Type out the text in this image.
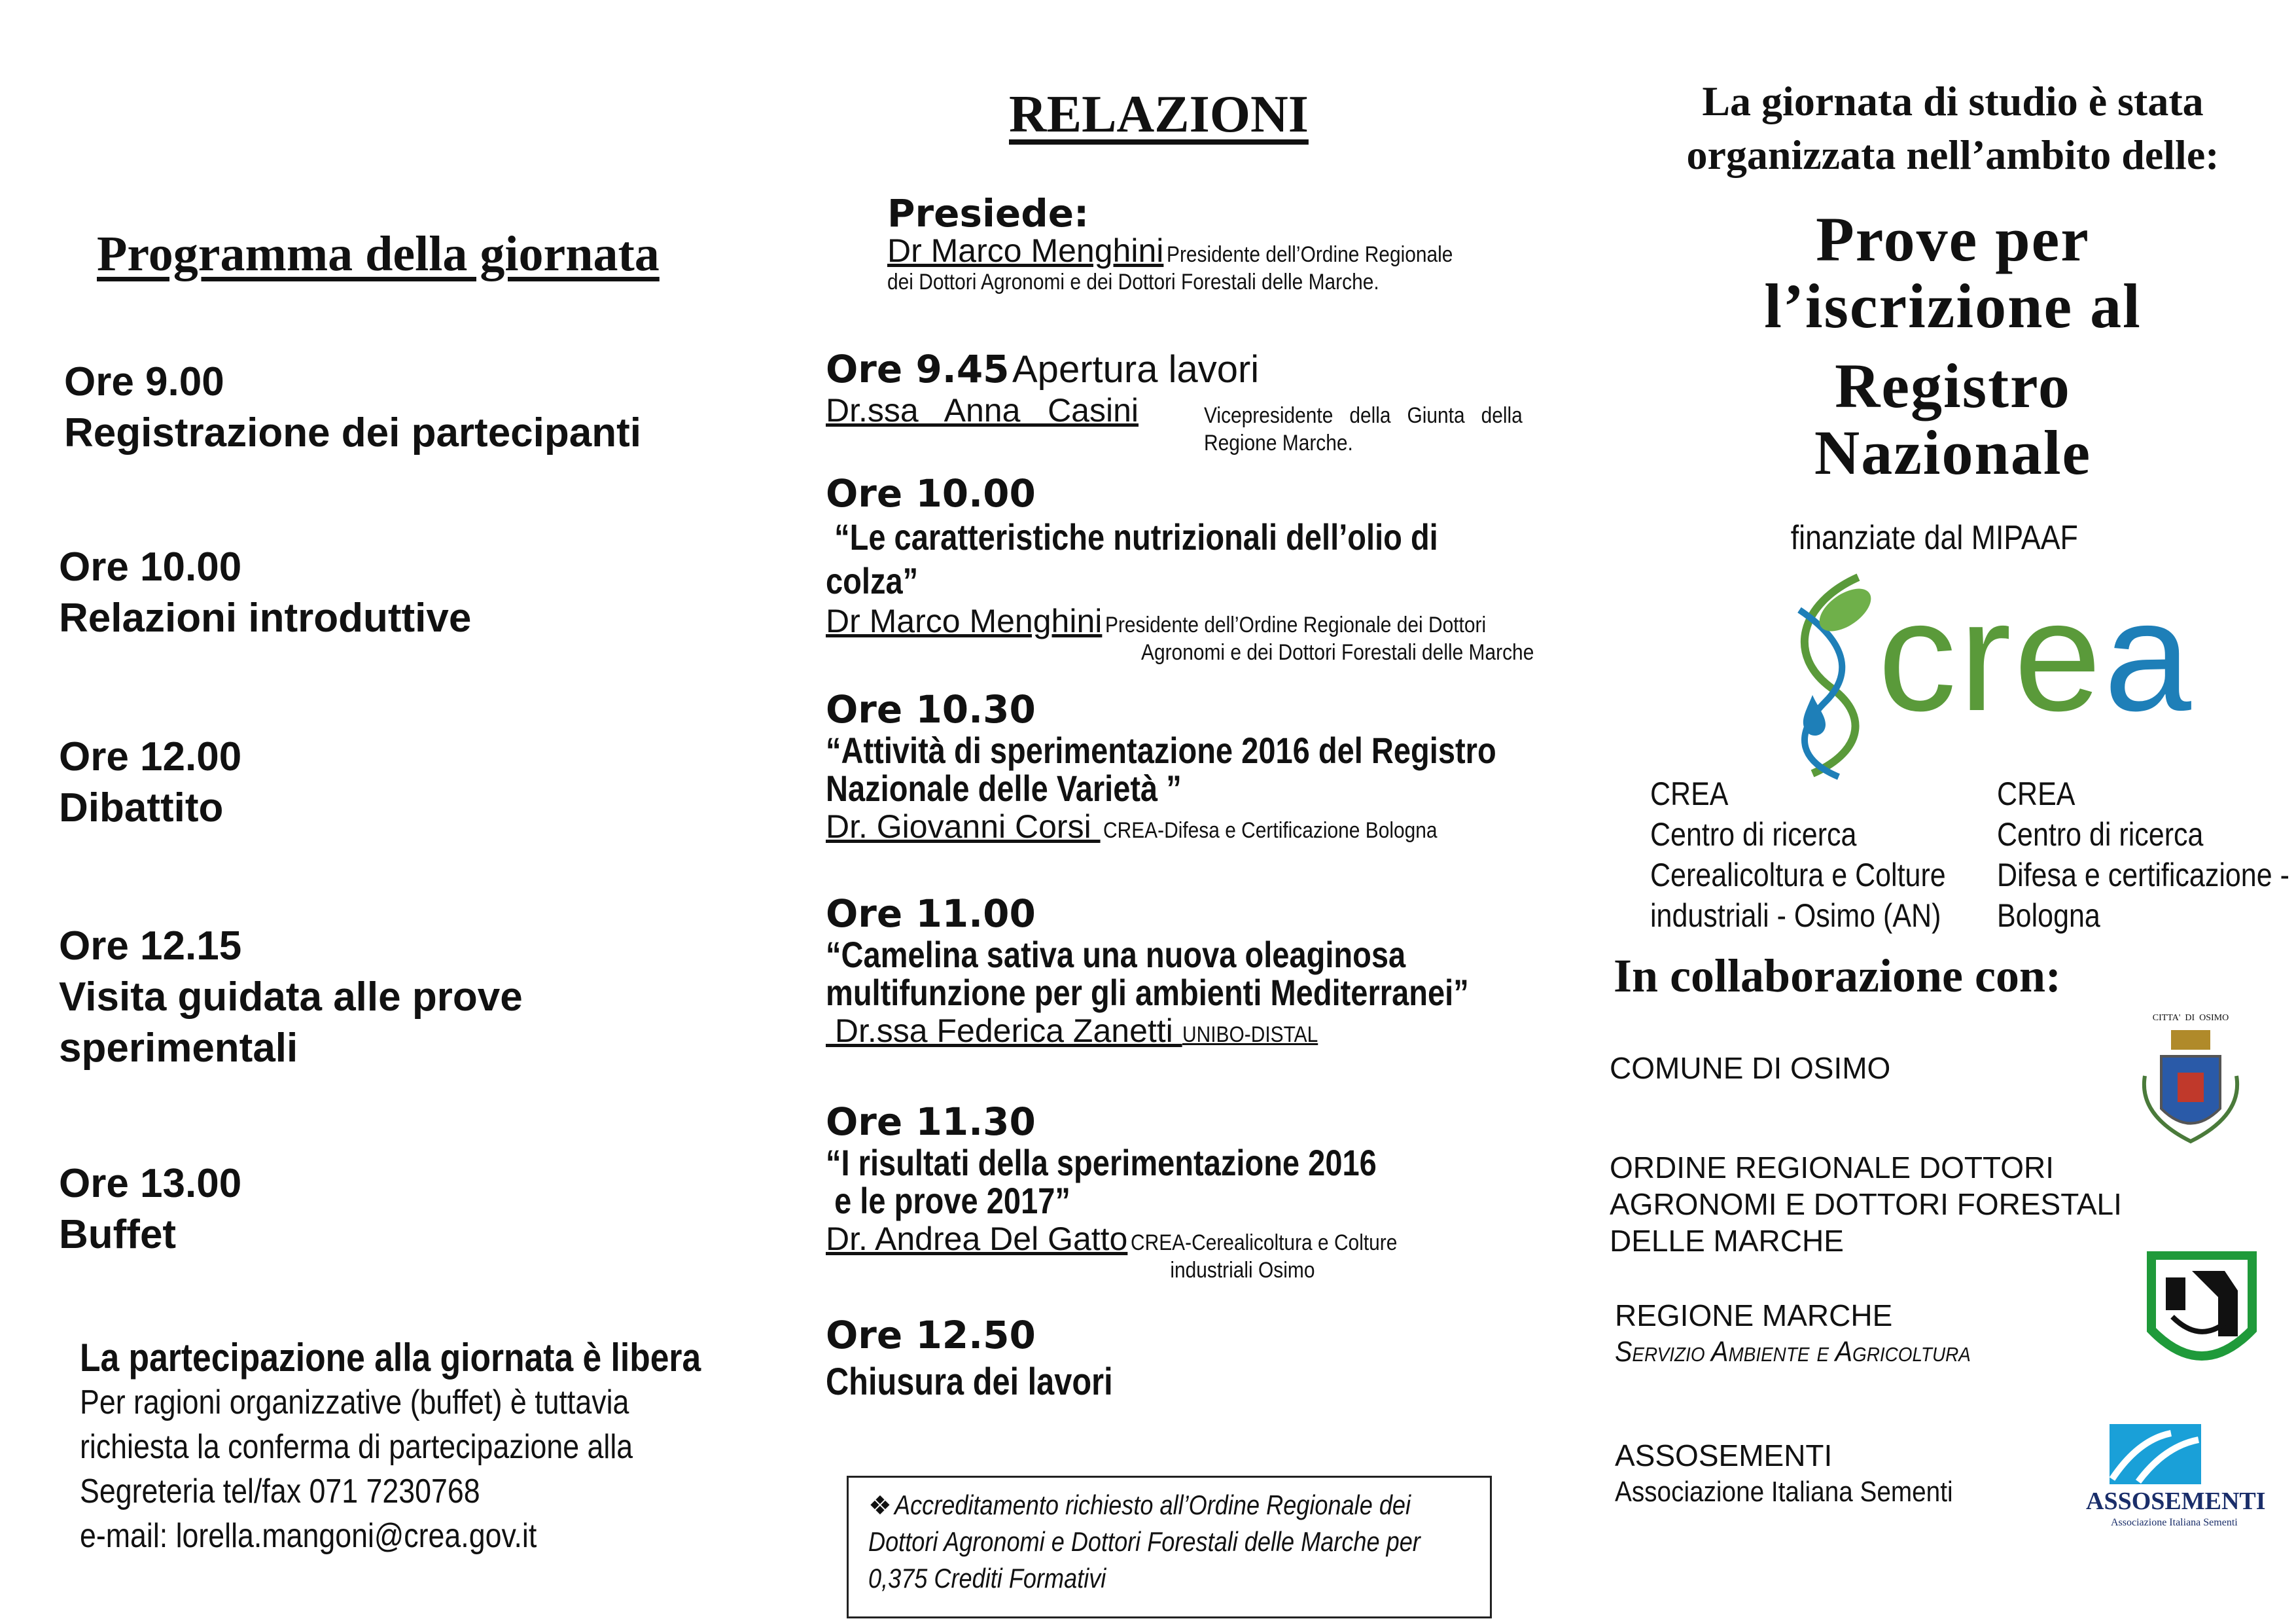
Programma della giornata
Ore 9.00
Registrazione dei partecipanti
Ore 10.00
Relazioni introduttive
Ore 12.00
Dibattito
Ore 12.15
Visita guidata alle prove
sperimentali
Ore 13.00
Buffet
La partecipazione alla giornata è libera
Per ragioni organizzative (buffet) è tuttavia
richiesta la conferma di partecipazione alla
Segreteria tel/fax 071 7230768
e-mail: lorella.mangoni@crea.gov.it
RELAZIONI
Presiede:
Dr Marco Menghini Presidente dell’Ordine Regionale
dei Dottori Agronomi e dei Dottori Forestali delle Marche.
Ore 9.45 Apertura lavori
Dr.ssa   Anna   Casini	Vicepresidente   della   Giunta   della
Regione Marche.
Ore 10.00
“Le caratteristiche nutrizionali dell’olio di
colza”
Dr Marco Menghini Presidente dell’Ordine Regionale dei Dottori
Agronomi e dei Dottori Forestali delle Marche
Ore 10.30
“Attività di sperimentazione 2016 del Registro
Nazionale delle Varietà ”
Dr. Giovanni Corsi  CREA-Difesa e Certificazione Bologna
Ore 11.00
“Camelina sativa una nuova oleaginosa
multifunzione per gli ambienti Mediterranei”
Dr.ssa Federica Zanetti UNIBO-DISTAL
Ore 11.30
“I risultati della sperimentazione 2016
e le prove 2017”
Dr. Andrea Del Gatto CREA-Cerealicoltura e Colture
industriali Osimo
Ore 12.50
Chiusura dei lavori
❖ Accreditamento richiesto all’Ordine Regionale dei
Dottori Agronomi e Dottori Forestali delle Marche per
0,375 Crediti Formativi
La giornata di studio è stata
organizzata nell’ambito delle:
Prove per
l’iscrizione al
Registro
Nazionale
finanziate dal MIPAAF
crea
CREA
Centro di ricerca
Cerealicoltura e Colture
industriali - Osimo (AN)
CREA
Centro di ricerca
Difesa e certificazione -
Bologna
In collaborazione con:
COMUNE DI OSIMO
CITTA'  DI  OSIMO
ORDINE REGIONALE DOTTORI
AGRONOMI E DOTTORI FORESTALI
DELLE MARCHE
REGIONE MARCHE
Servizio Ambiente e Agricoltura
ASSOSEMENTI
Associazione Italiana Sementi	ASSOSEMENTI
Associazione Italiana Sementi
